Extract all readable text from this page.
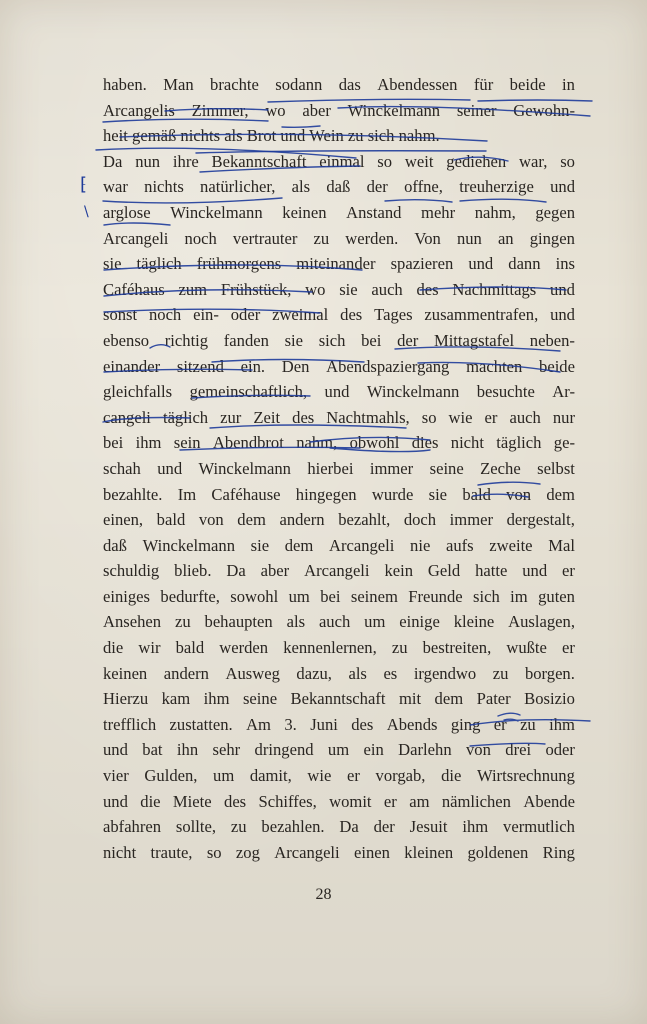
⁅
\
haben. Man brachte sodann das Abendessen für beide in
Arcangelis Zimmer, wo aber Winckelmann seiner Gewohn-
heit gemäß nichts als Brot und Wein zu sich nahm.
Da nun ihre Bekanntschaft einmal so weit gediehen war, so
war nichts natürlicher, als daß der offne, treuherzige und
arglose Winckelmann keinen Anstand mehr nahm, gegen
Arcangeli noch vertrauter zu werden. Von nun an gingen
sie täglich frühmorgens miteinander spazieren und dann ins
Caféhaus zum Frühstück, wo sie auch des Nachmittags und
sonst noch ein- oder zweimal des Tages zusammentrafen, und
ebenso richtig fanden sie sich bei der Mittagstafel neben-
einander sitzend ein. Den Abendspaziergang machten beide
gleichfalls gemeinschaftlich, und Winckelmann besuchte Ar-
cangeli täglich zur Zeit des Nachtmahls, so wie er auch nur
bei ihm sein Abendbrot nahm, obwohl dies nicht täglich ge-
schah und Winckelmann hierbei immer seine Zeche selbst
bezahlte. Im Caféhause hingegen wurde sie bald von dem
einen, bald von dem andern bezahlt, doch immer dergestalt,
daß Winckelmann sie dem Arcangeli nie aufs zweite Mal
schuldig blieb. Da aber Arcangeli kein Geld hatte und er
einiges bedurfte, sowohl um bei seinem Freunde sich im guten
Ansehen zu behaupten als auch um einige kleine Auslagen,
die wir bald werden kennenlernen, zu bestreiten, wußte er
keinen andern Ausweg dazu, als es irgendwo zu borgen.
Hierzu kam ihm seine Bekanntschaft mit dem Pater Bosizio
trefflich zustatten. Am 3. Juni des Abends ging er zu ihm
und bat ihn sehr dringend um ein Darlehn von drei oder
vier Gulden, um damit, wie er vorgab, die Wirtsrechnung
und die Miete des Schiffes, womit er am nämlichen Abende
abfahren sollte, zu bezahlen. Da der Jesuit ihm vermutlich
nicht traute, so zog Arcangeli einen kleinen goldenen Ring
28
